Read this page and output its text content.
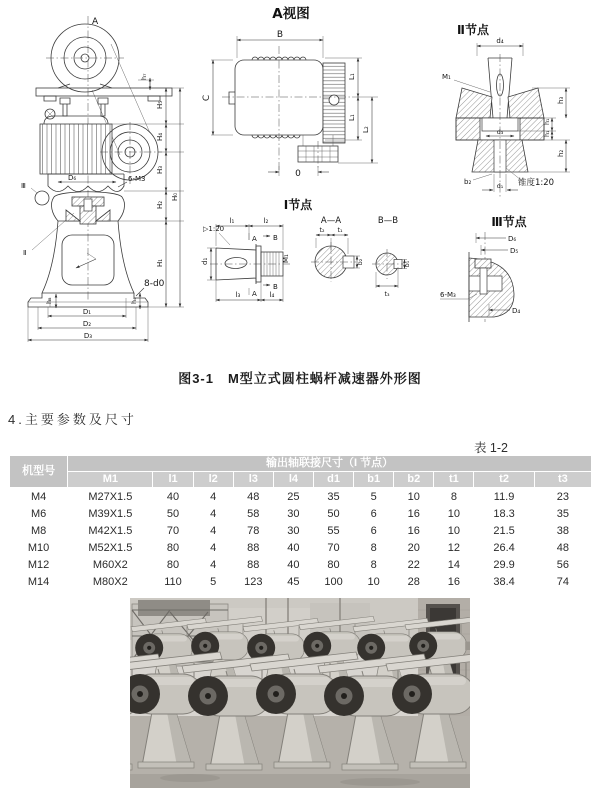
A
D₆	6-M3
Ⅲ
Ⅱ
8-d0
h₅	h₄
D₁
D₂
D₃
H₅
H₄
H₃
H₂
H₁
H₀
h₇
A视图
B
C
L₁
L₁
L₂
0
Ⅰ节点
▷1:20
A
A
B
B
M₁
d₁
l₁	l₂
l₃	l₄
A—A
t₂ t₁
b₂
B—B
b₁
t₃
Ⅱ节点
d₄
d₃
d₁
b₂
M₁
锥度1:20
h₁
h₁
h₃
h₂
Ⅲ节点
D₆
D₅
6-M₃
D₄
图3-1　M型立式圆柱蜗杆减速器外形图
4.主要参数及尺寸
表 1-2
机型号	输出轴联接尺寸（I 节点）										
	M1	l1	l2	l3	l4	d1	b1	b2	t1	t2	t3
M4	M27X1.5	40	4	48	25	35	5	10	8	11.9	23
M6	M39X1.5	50	4	58	30	50	6	16	10	18.3	35
M8	M42X1.5	70	4	78	30	55	6	16	10	21.5	38
M10	M52X1.5	80	4	88	40	70	8	20	12	26.4	48
M12	M60X2	80	4	88	40	80	8	22	14	29.9	56
M14	M80X2	110	5	123	45	100	10	28	16	38.4	74
